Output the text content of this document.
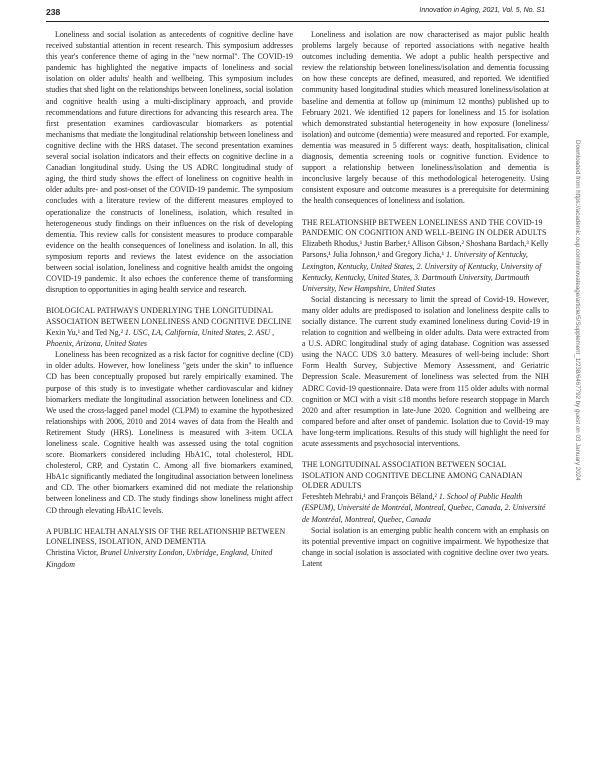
238	Innovation in Aging, 2021, Vol. 5, No. S1

Loneliness and social isolation as antecedents of cognitive decline have received substantial attention in recent research. This symposium addresses this year's conference theme of aging in the "new normal". The COVID-19 pandemic has highlighted the negative impacts of loneliness and social isolation on older adults' health and wellbeing. This symposium includes studies that shed light on the relationships between loneliness, social isolation and cognitive health using a multi-disciplinary approach, and provide recommendations and future directions for advancing this research area. The first presentation examines cardiovascular biomarkers as potential mechanisms that mediate the longitudinal relationship between loneliness and cognitive decline with the HRS dataset. The second presentation examines several social isolation indicators and their effects on cognitive decline in a Canadian longitudinal study. Using the US ADRC longitudinal study of aging, the third study shows the effect of loneliness on cognitive health in older adults pre- and post-onset of the COVID-19 pandemic. The symposium concludes with a literature review of the different measures employed to operationalize the constructs of loneliness, isolation, which resulted in heterogeneous study findings on their influences on the risk of developing dementia. This review calls for consistent measures to produce comparable evidence on the health consequences of loneliness and isolation. In all, this symposium reports and reviews the latest evidence on the association between social isolation, loneliness and cognitive health amidst the ongoing COVID-19 pandemic. It also echoes the conference theme of transforming disruption to opportunities in aging health service and research.

BIOLOGICAL PATHWAYS UNDERLYING THE LONGITUDINAL ASSOCIATION BETWEEN LONELINESS AND COGNITIVE DECLINE
Kexin Yu,¹ and Ted Ng,² 1. USC, LA, California, United States, 2. ASU , Phoenix, Arizona, United States

Loneliness has been recognized as a risk factor for cognitive decline (CD) in older adults. However, how loneliness "gets under the skin" to influence CD has been conceptually proposed but rarely empirically examined. The purpose of this study is to investigate whether cardiovascular and kidney biomarkers mediate the longitudinal association between loneliness and CD. We used the cross-lagged panel model (CLPM) to examine the hypothesized relationships with 2006, 2010 and 2014 waves of data from the Health and Retirement Study (HRS). Loneliness is measured with 3-item UCLA loneliness scale. Cognitive health was assessed using the total cognition score. Biomarkers considered including HbA1C, total cholesterol, HDL cholesterol, CRP, and Cystatin C. Among all five biomarkers examined, HbA1c significantly mediated the longitudinal association between loneliness and CD. The other biomarkers examined did not mediate the relationship between loneliness and CD. The study findings show loneliness might affect CD through elevating HbA1C levels.

A PUBLIC HEALTH ANALYSIS OF THE RELATIONSHIP BETWEEN LONELINESS, ISOLATION, AND DEMENTIA
Christina Victor, Brunel University London, Uxbridge, England, United Kingdom

Loneliness and isolation are now characterised as major public health problems largely because of reported associations with negative health outcomes including dementia. We adopt a public health perspective and review the relationship between loneliness/isolation and dementia focussing on how these concepts are defined, measured, and reported. We identified community based longitudinal studies which measured loneliness/isolation at baseline and dementia at follow up (minimum 12 months) published up to February 2021. We identified 12 papers for loneliness and 15 for isolation which demonstrated substantial heterogeneity in how exposure (loneliness/ isolation) and outcome (dementia) were measured and reported. For example, dementia was measured in 5 different ways: death, hospitalisation, clinical diagnosis, dementia screening tools or cognitive function. Evidence to support a relationship between loneliness/isolation and dementia is inconclusive largely because of this methodological heterogeneity. Using consistent exposure and outcome measures is a prerequisite for determining the health consequences of loneliness and isolation.

THE RELATIONSHIP BETWEEN LONELINESS AND THE COVID-19 PANDEMIC ON COGNITION AND WELL-BEING IN OLDER ADULTS
Elizabeth Rhodus,¹ Justin Barber,¹ Allison Gibson,² Shoshana Bardach,³ Kelly Parsons,¹ Julia Johnson,¹ and Gregory Jicha,¹ 1. University of Kentucky, Lexington, Kentucky, United States, 2. University of Kentucky, University of Kentucky, Kentucky, United States, 3. Dartmouth University, Dartmouth University, New Hampshire, United States

Social distancing is necessary to limit the spread of Covid-19. However, many older adults are predisposed to isolation and loneliness despite calls to socially distance. The current study examined loneliness during Covid-19 in relation to cognition and wellbeing in older adults. Data were extracted from a U.S. ADRC longitudinal study of aging database. Cognition was assessed using the NACC UDS 3.0 battery. Measures of well-being include: Short Form Health Survey, Subjective Memory Assessment, and Geriatric Depression Scale. Measurement of loneliness was selected from the NIH ADRC Covid-19 questionnaire. Data were from 115 older adults with normal cognition or MCI with a visit ≤18 months before research stoppage in March 2020 and after resumption in late-June 2020. Cognition and wellbeing are compared before and after onset of pandemic. Isolation due to Covid-19 may have long-term implications. Results of this study will highlight the need for acute assessments and psychosocial interventions.

THE LONGITUDINAL ASSOCIATION BETWEEN SOCIAL ISOLATION AND COGNITIVE DECLINE AMONG CANADIAN OLDER ADULTS
Fereshteh Mehrabi,¹ and François Béland,² 1. School of Public Health (ESPUM), Université de Montréal, Montreal, Quebec, Canada, 2. Université de Montréal, Montreal, Quebec, Canada

Social isolation is an emerging public health concern with an emphasis on its potential preventive impact on cognitive impairment. We hypothesize that change in social isolation is associated with cognitive decline over two years. Latent

Downloaded from https://academic.oup.com/innovateage/article/5/Supplement_1/238/6467792 by guest on 03 January 2024
